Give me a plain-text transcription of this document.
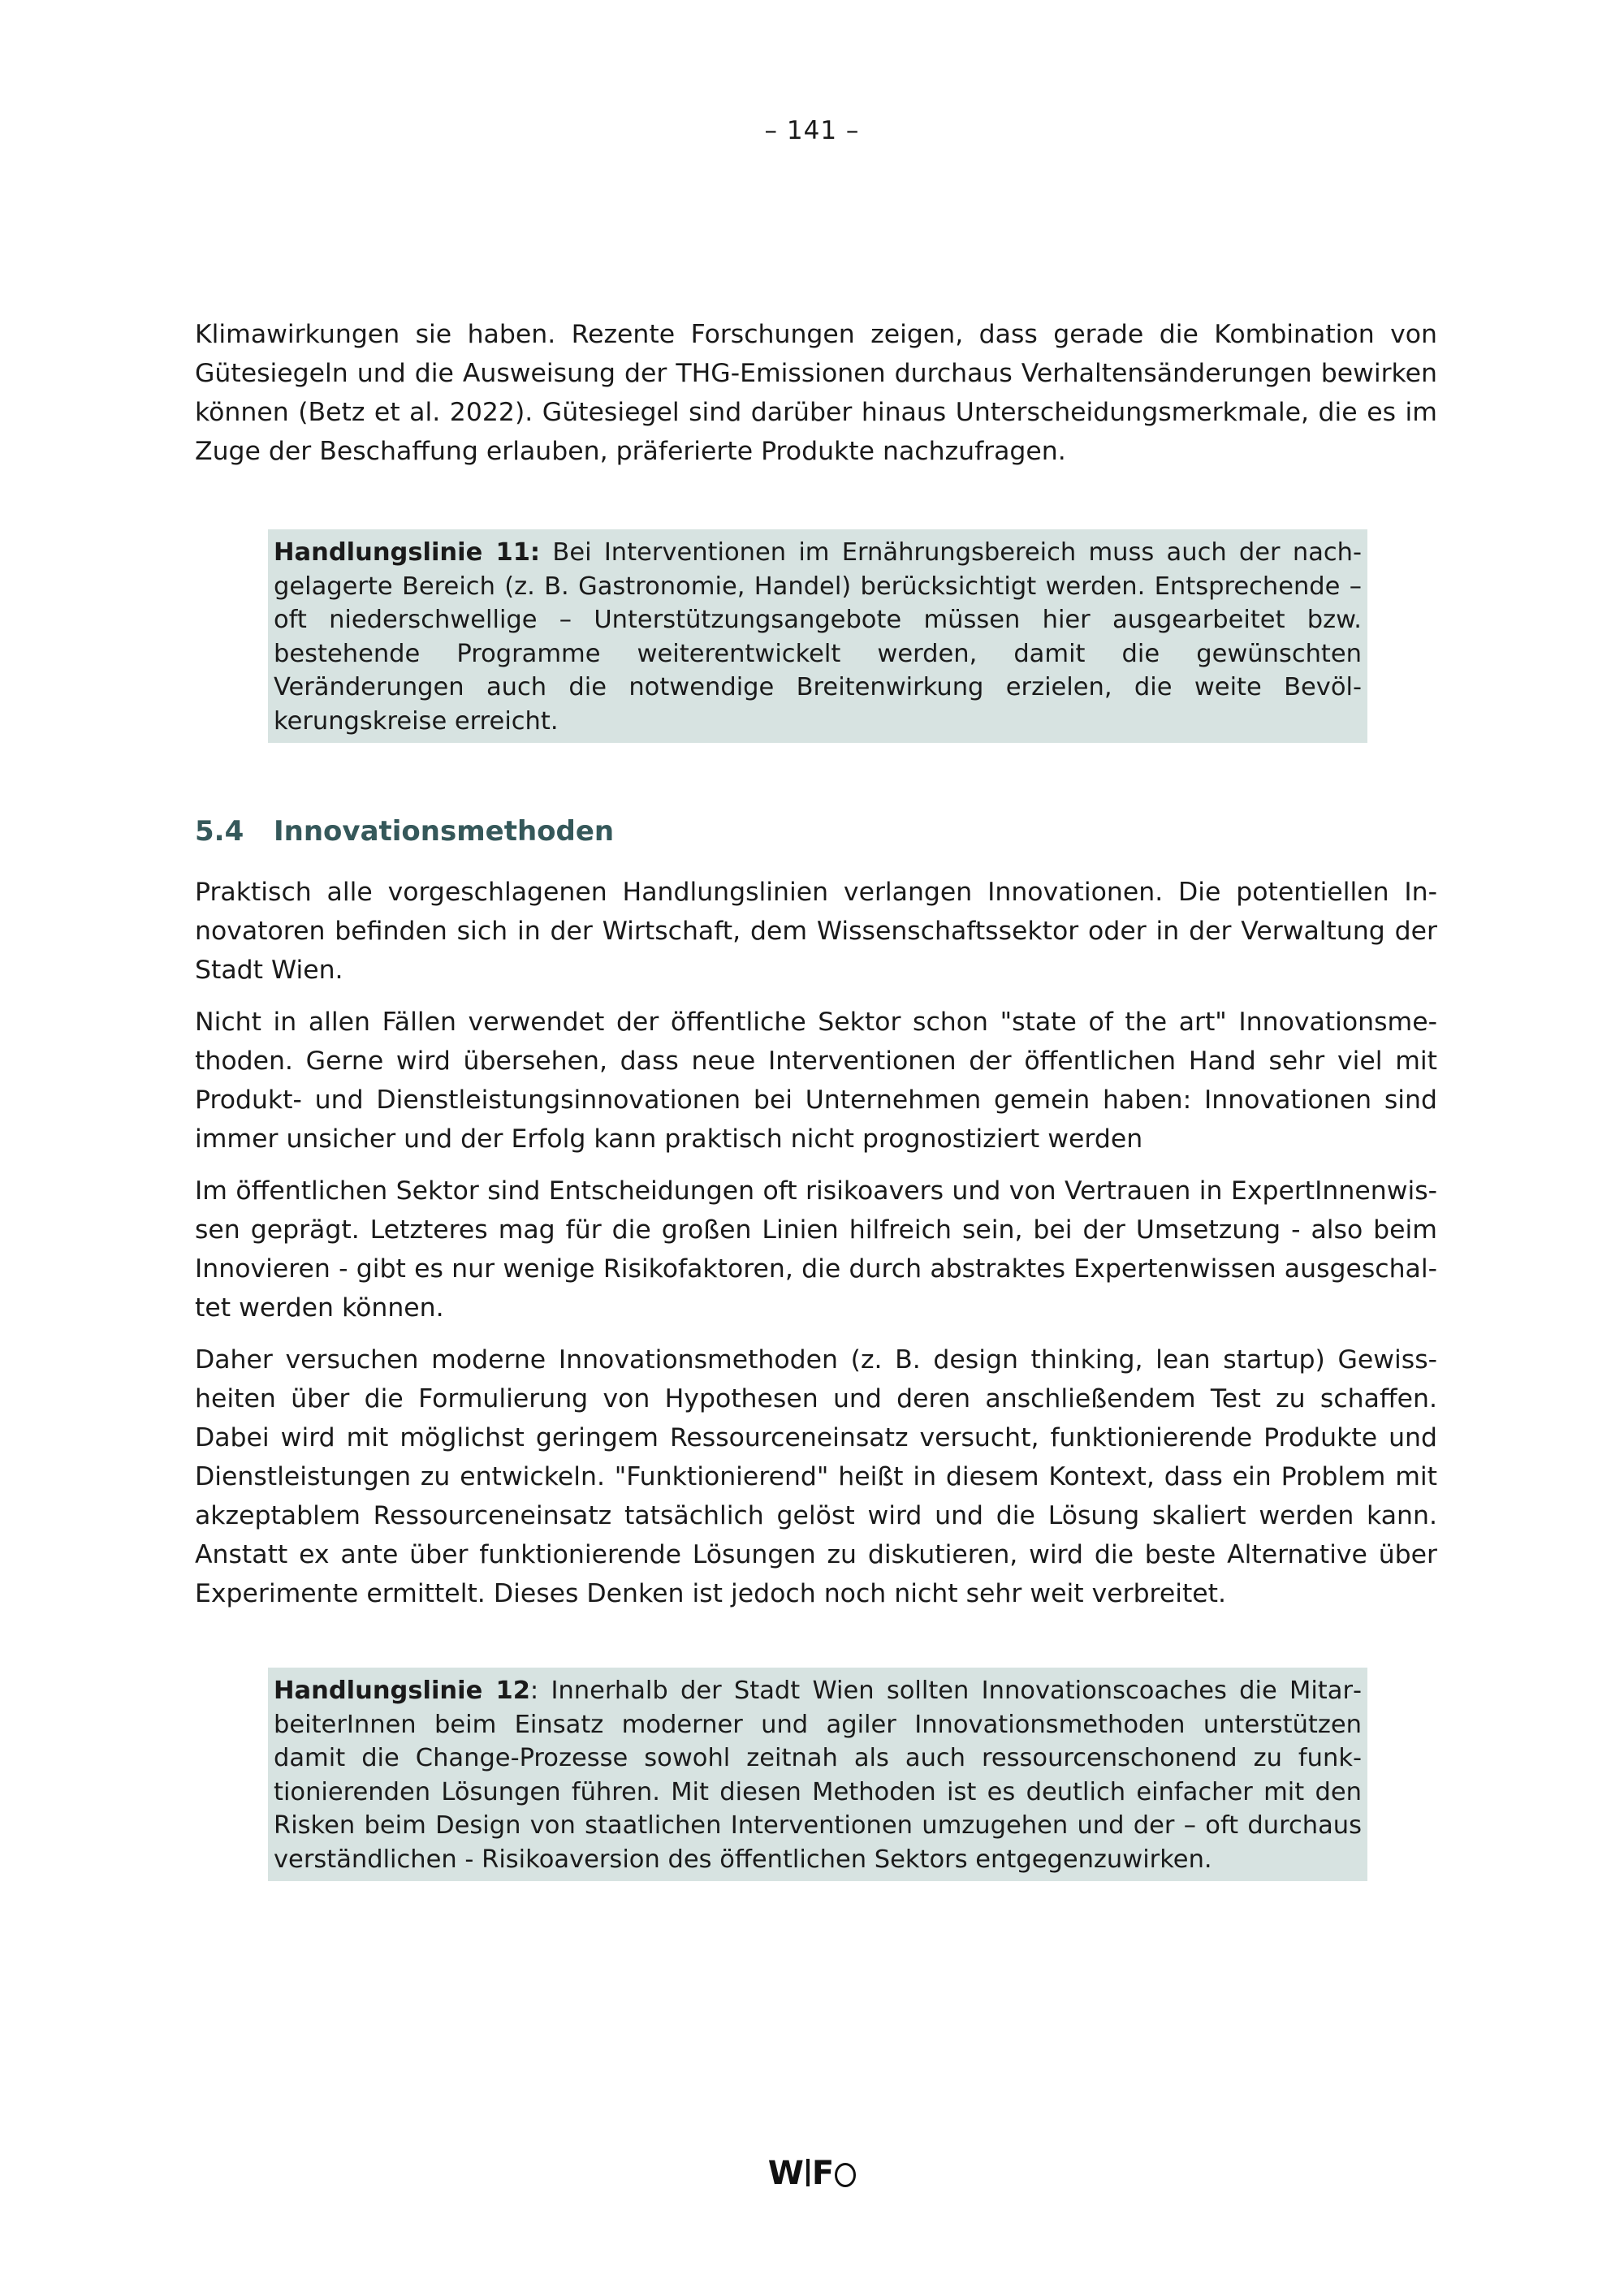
– 141 –

Klimawirkungen sie haben. Rezente Forschungen zeigen, dass gerade die Kombination von Gütesiegeln und die Ausweisung der THG-Emissionen durchaus Verhaltensänderungen bewirken können (Betz et al. 2022). Gütesiegel sind darüber hinaus Unterscheidungsmerkmale, die es im Zuge der Beschaffung erlauben, präferierte Produkte nachzufragen.

Handlungslinie 11: Bei Interventionen im Ernährungsbereich muss auch der nachgelagerte Bereich (z. B. Gastronomie, Handel) berücksichtigt werden. Entsprechende – oft niederschwellige – Unterstützungsangebote müssen hier ausgearbeitet bzw. bestehende Programme weiterentwickelt werden, damit die gewünschten Veränderungen auch die notwendige Breitenwirkung erzielen, die weite Bevölkerungskreise erreicht.
5.4 Innovationsmethoden

Praktisch alle vorgeschlagenen Handlungslinien verlangen Innovationen. Die potentiellen Innovatoren befinden sich in der Wirtschaft, dem Wissenschaftssektor oder in der Verwaltung der Stadt Wien.

Nicht in allen Fällen verwendet der öffentliche Sektor schon "state of the art" Innovationsmethoden. Gerne wird übersehen, dass neue Interventionen der öffentlichen Hand sehr viel mit Produkt- und Dienstleistungsinnovationen bei Unternehmen gemein haben: Innovationen sind immer unsicher und der Erfolg kann praktisch nicht prognostiziert werden

Im öffentlichen Sektor sind Entscheidungen oft risikoavers und von Vertrauen in ExpertInnenwissen geprägt. Letzteres mag für die großen Linien hilfreich sein, bei der Umsetzung - also beim Innovieren - gibt es nur wenige Risikofaktoren, die durch abstraktes Expertenwissen ausgeschaltet werden können.

Daher versuchen moderne Innovationsmethoden (z. B. design thinking, lean startup) Gewissheiten über die Formulierung von Hypothesen und deren anschließendem Test zu schaffen. Dabei wird mit möglichst geringem Ressourceneinsatz versucht, funktionierende Produkte und Dienstleistungen zu entwickeln. "Funktionierend" heißt in diesem Kontext, dass ein Problem mit akzeptablem Ressourceneinsatz tatsächlich gelöst wird und die Lösung skaliert werden kann. Anstatt ex ante über funktionierende Lösungen zu diskutieren, wird die beste Alternative über Experimente ermittelt. Dieses Denken ist jedoch noch nicht sehr weit verbreitet.

Handlungslinie 12: Innerhalb der Stadt Wien sollten Innovationscoaches die MitarbeiterInnen beim Einsatz moderner und agiler Innovationsmethoden unterstützen damit die Change-Prozesse sowohl zeitnah als auch ressourcenschonend zu funktionierenden Lösungen führen. Mit diesen Methoden ist es deutlich einfacher mit den Risken beim Design von staatlichen Interventionen umzugehen und der – oft durchaus verständlichen - Risikoaversion des öffentlichen Sektors entgegenzuwirken.
W F
